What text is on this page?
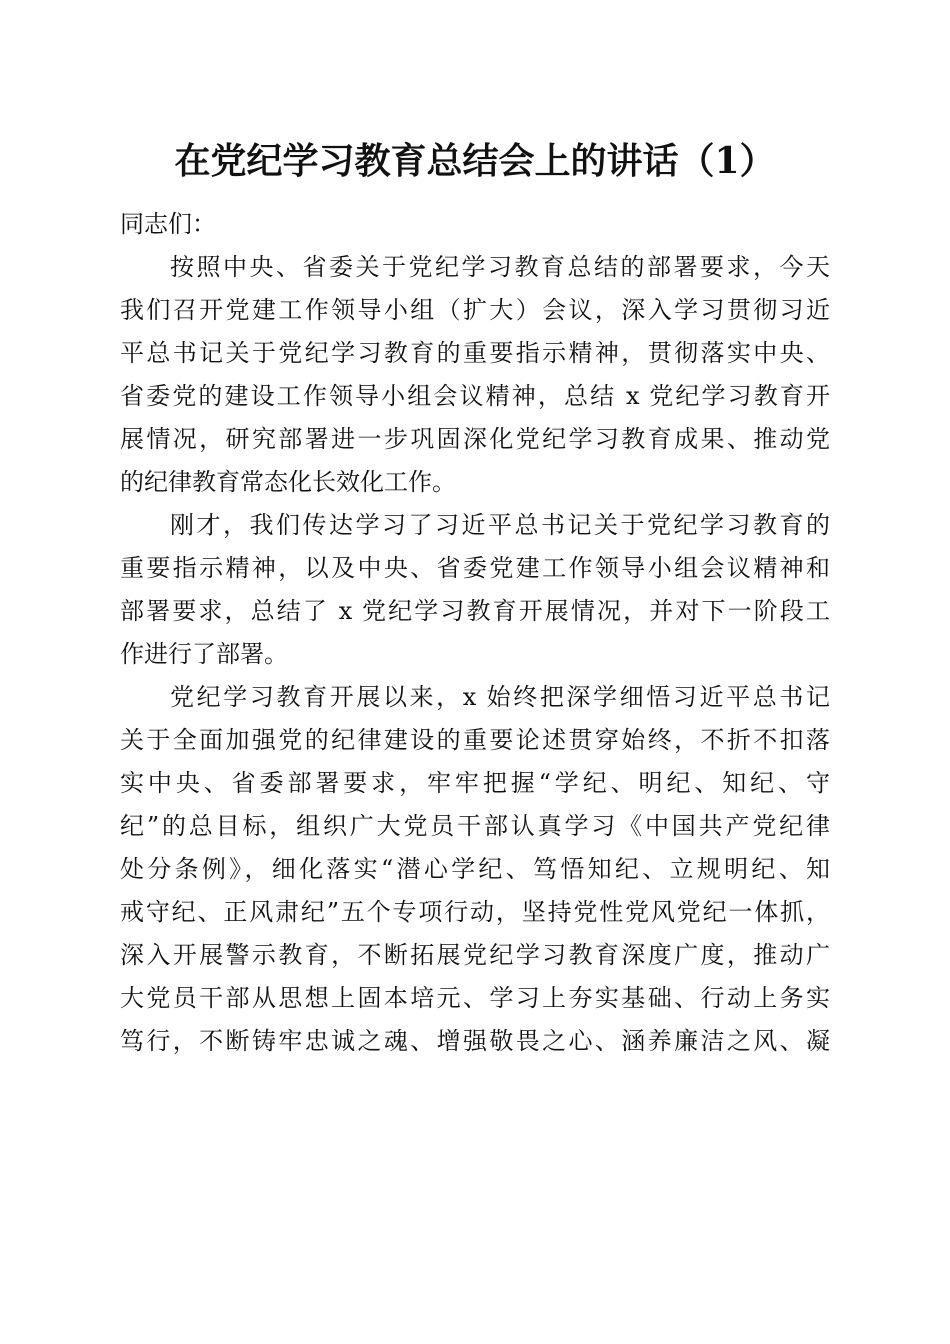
在党纪学习教育总结会上的讲话（1）
同志们：
按照中央、省委关于党纪学习教育总结的部署要求，今天
我们召开党建工作领导小组（扩大）会议，深入学习贯彻习近
平总书记关于党纪学习教育的重要指示精神，贯彻落实中央、
省委党的建设工作领导小组会议精神，总结 x 党纪学习教育开
展情况，研究部署进一步巩固深化党纪学习教育成果、推动党
的纪律教育常态化长效化工作。
刚才，我们传达学习了习近平总书记关于党纪学习教育的
重要指示精神，以及中央、省委党建工作领导小组会议精神和
部署要求，总结了 x 党纪学习教育开展情况，并对下一阶段工
作进行了部署。
党纪学习教育开展以来，x 始终把深学细悟习近平总书记
关于全面加强党的纪律建设的重要论述贯穿始终，不折不扣落
实中央、省委部署要求，牢牢把握“学纪、明纪、知纪、守
纪”的总目标，组织广大党员干部认真学习《中国共产党纪律
处分条例》，细化落实“潜心学纪、笃悟知纪、立规明纪、知
戒守纪、正风肃纪”五个专项行动，坚持党性党风党纪一体抓，
深入开展警示教育，不断拓展党纪学习教育深度广度，推动广
大党员干部从思想上固本培元、学习上夯实基础、行动上务实
笃行，不断铸牢忠诚之魂、增强敬畏之心、涵养廉洁之风、凝
